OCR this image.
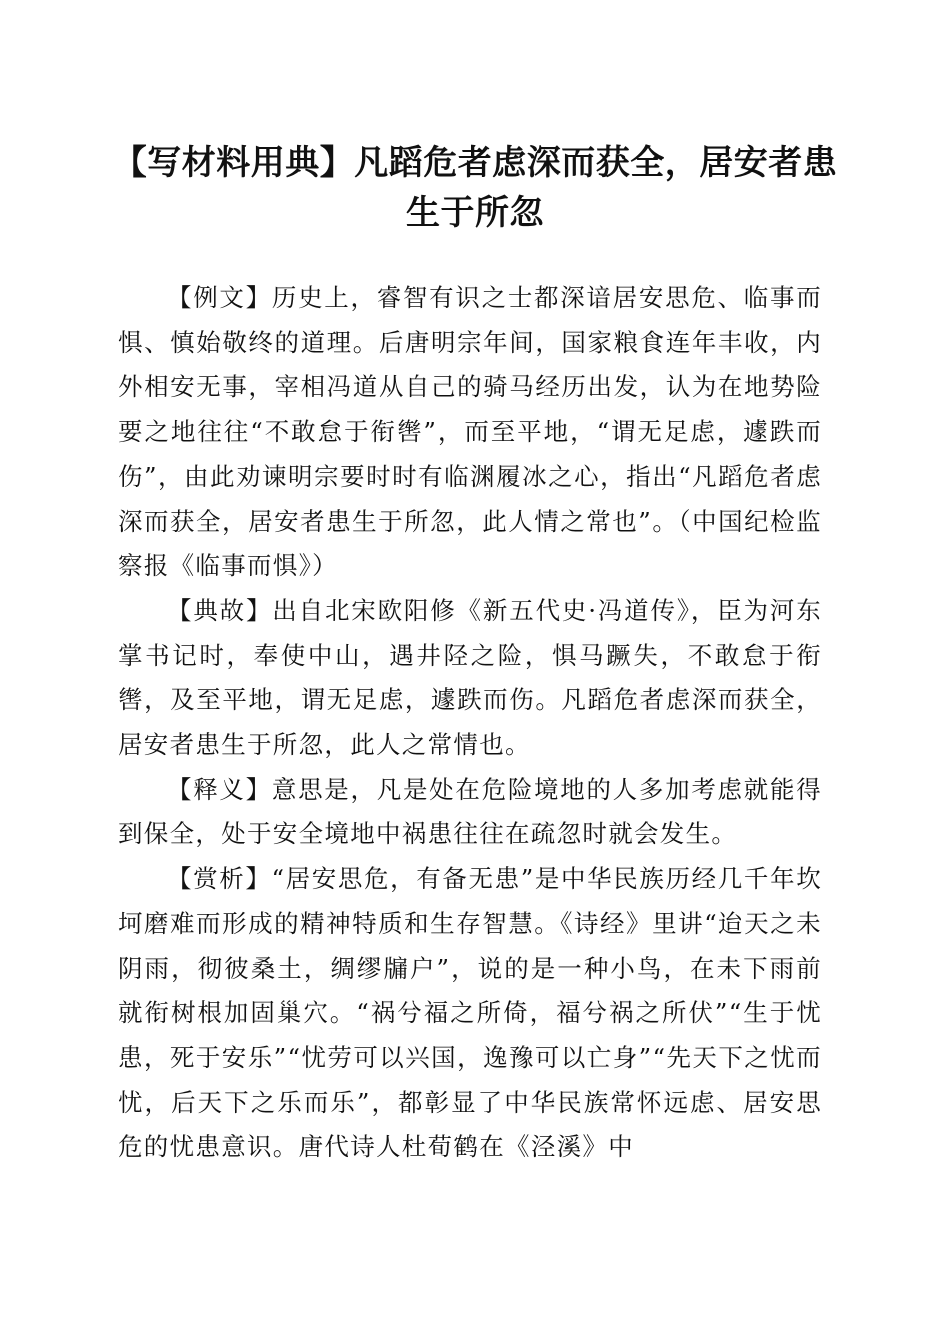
【写材料用典】凡蹈危者虑深而获全，居安者患生于所忽

【例文】历史上，睿智有识之士都深谙居安思危、临事而惧、慎始敬终的道理。后唐明宗年间，国家粮食连年丰收，内外相安无事，宰相冯道从自己的骑马经历出发，认为在地势险要之地往往“不敢怠于衔辔”，而至平地，“谓无足虑，遽跌而伤”，由此劝谏明宗要时时有临渊履冰之心，指出“凡蹈危者虑深而获全，居安者患生于所忽，此人情之常也”。（中国纪检监察报《临事而惧》）

【典故】出自北宋欧阳修《新五代史·冯道传》，臣为河东掌书记时，奉使中山，遇井陉之险，惧马蹶失，不敢怠于衔辔，及至平地，谓无足虑，遽跌而伤。凡蹈危者虑深而获全，居安者患生于所忽，此人之常情也。

【释义】意思是，凡是处在危险境地的人多加考虑就能得到保全，处于安全境地中祸患往往在疏忽时就会发生。

【赏析】“居安思危，有备无患”是中华民族历经几千年坎坷磨难而形成的精神特质和生存智慧。《诗经》里讲“迨天之未阴雨，彻彼桑土，绸缪牖户”，说的是一种小鸟，在未下雨前就衔树根加固巢穴。“祸兮福之所倚，福兮祸之所伏”“生于忧患，死于安乐”“忧劳可以兴国，逸豫可以亡身”“先天下之忧而忧，后天下之乐而乐”，都彰显了中华民族常怀远虑、居安思危的忧患意识。唐代诗人杜荀鹤在《泾溪》中
